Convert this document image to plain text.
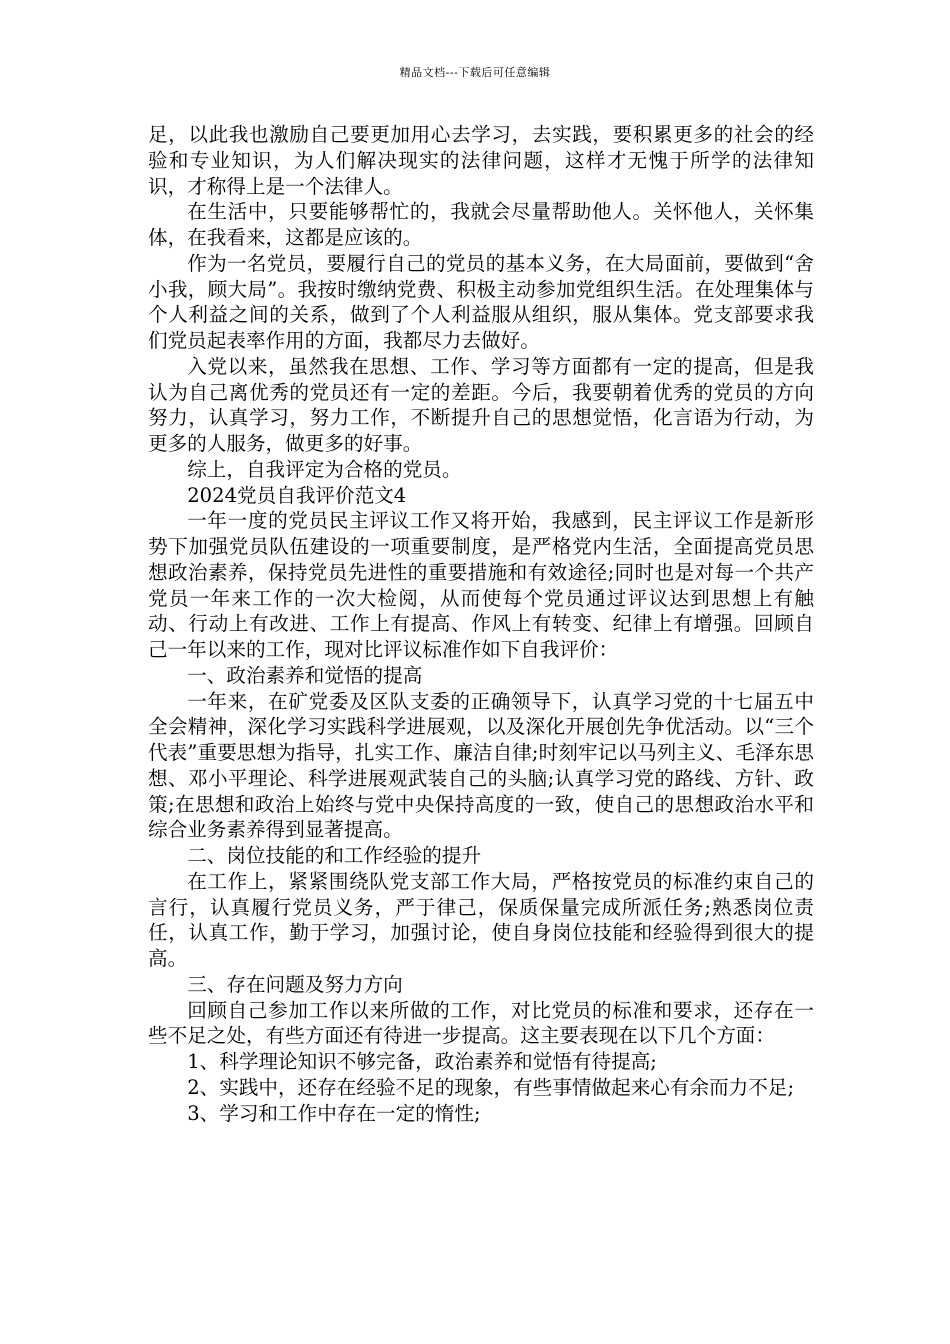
精品文档---下载后可任意编辑

足，以此我也激励自己要更加用心去学习，去实践，要积累更多的社会的经验和专业知识，为人们解决现实的法律问题，这样才无愧于所学的法律知识，才称得上是一个法律人。

在生活中，只要能够帮忙的，我就会尽量帮助他人。关怀他人，关怀集体，在我看来，这都是应该的。

作为一名党员，要履行自己的党员的基本义务，在大局面前，要做到“舍小我，顾大局”。我按时缴纳党费、积极主动参加党组织生活。在处理集体与个人利益之间的关系，做到了个人利益服从组织，服从集体。党支部要求我们党员起表率作用的方面，我都尽力去做好。

入党以来，虽然我在思想、工作、学习等方面都有一定的提高，但是我认为自己离优秀的党员还有一定的差距。今后，我要朝着优秀的党员的方向努力，认真学习，努力工作，不断提升自己的思想觉悟，化言语为行动，为更多的人服务，做更多的好事。

综上，自我评定为合格的党员。

2024党员自我评价范文4

一年一度的党员民主评议工作又将开始，我感到，民主评议工作是新形势下加强党员队伍建设的一项重要制度，是严格党内生活，全面提高党员思想政治素养，保持党员先进性的重要措施和有效途径;同时也是对每一个共产党员一年来工作的一次大检阅，从而使每个党员通过评议达到思想上有触动、行动上有改进、工作上有提高、作风上有转变、纪律上有增强。回顾自己一年以来的工作，现对比评议标准作如下自我评价：

一、政治素养和觉悟的提高

一年来，在矿党委及区队支委的正确领导下，认真学习党的十七届五中全会精神，深化学习实践科学进展观，以及深化开展创先争优活动。以“三个代表”重要思想为指导，扎实工作、廉洁自律;时刻牢记以马列主义、毛泽东思想、邓小平理论、科学进展观武装自己的头脑;认真学习党的路线、方针、政策;在思想和政治上始终与党中央保持高度的一致，使自己的思想政治水平和综合业务素养得到显著提高。

二、岗位技能的和工作经验的提升

在工作上，紧紧围绕队党支部工作大局，严格按党员的标准约束自己的言行，认真履行党员义务，严于律己，保质保量完成所派任务;熟悉岗位责任，认真工作，勤于学习，加强讨论，使自身岗位技能和经验得到很大的提高。

三、存在问题及努力方向

回顾自己参加工作以来所做的工作，对比党员的标准和要求，还存在一些不足之处，有些方面还有待进一步提高。这主要表现在以下几个方面：

1、科学理论知识不够完备，政治素养和觉悟有待提高;

2、实践中，还存在经验不足的现象，有些事情做起来心有余而力不足;

3、学习和工作中存在一定的惰性;
